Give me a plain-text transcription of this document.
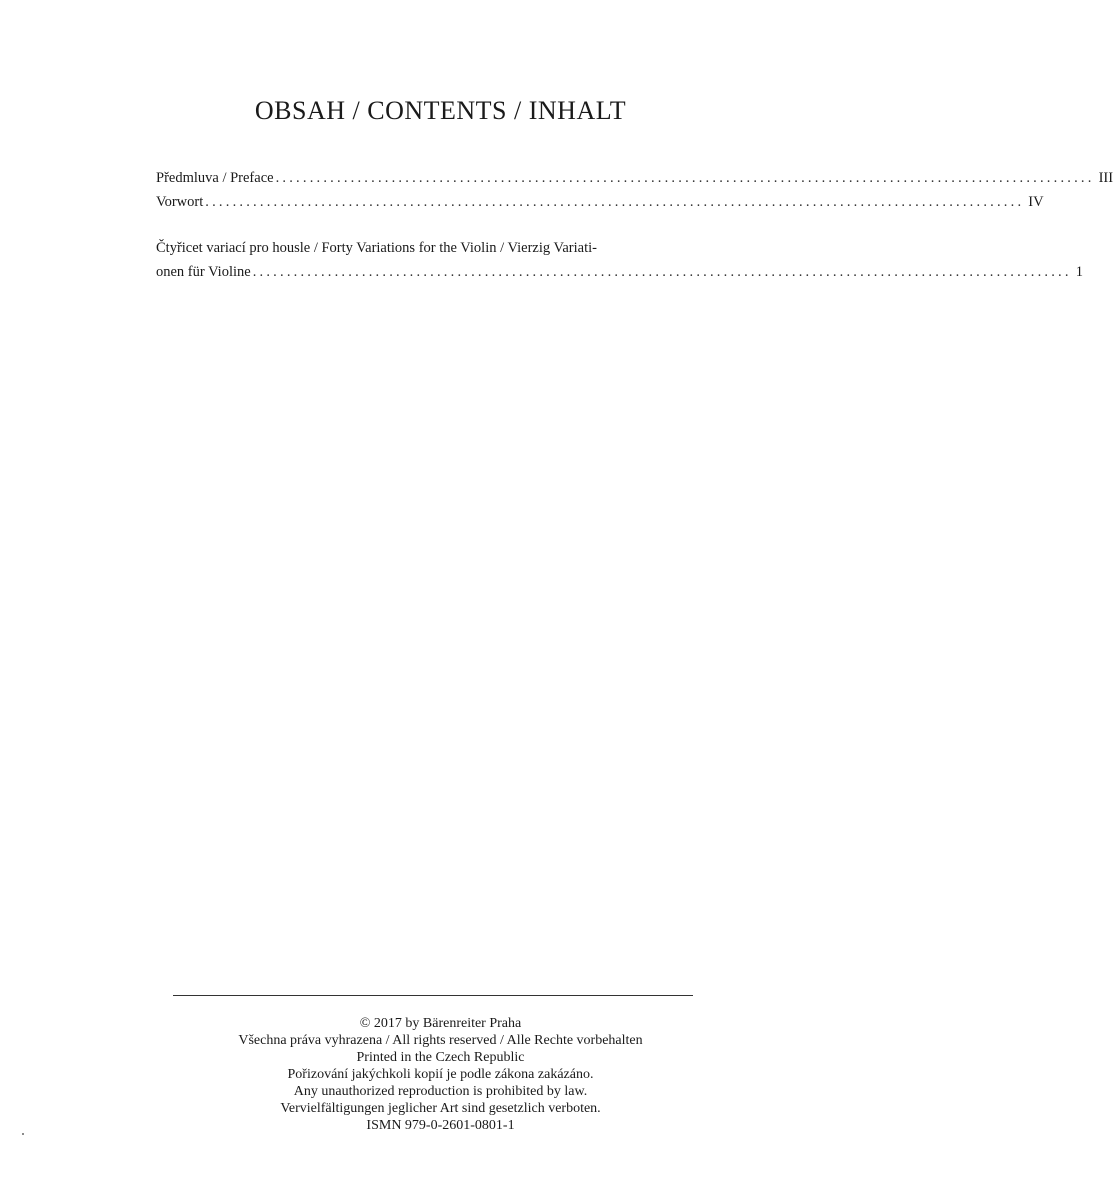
OBSAH / CONTENTS / INHALT
Předmluva / Preface ........................................................................................................................ III
Vorwort ........................................................................................................................ IV
Čtyřicet variací pro housle / Forty Variations for the Violin / Vierzig Variati-
onen für Violine ........................................................................................................................ 1
© 2017 by Bärenreiter Praha
Všechna práva vyhrazena / All rights reserved / Alle Rechte vorbehalten
Printed in the Czech Republic
Pořizování jakýchkoli kopií je podle zákona zakázáno.
Any unauthorized reproduction is prohibited by law.
Vervielfältigungen jeglicher Art sind gesetzlich verboten.
ISMN 979-0-2601-0801-1
